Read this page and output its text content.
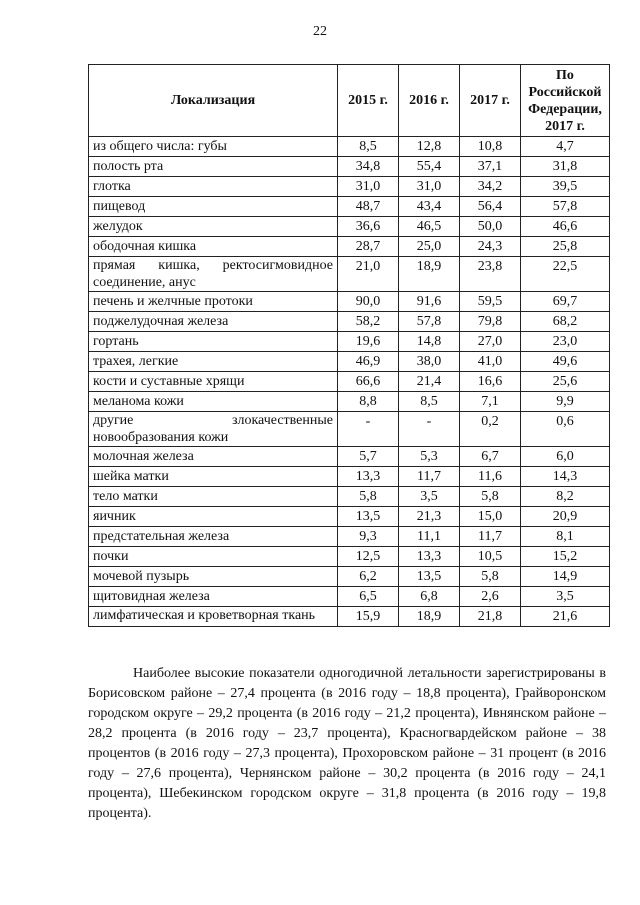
22
Локализация	2015 г.	2016 г.	2017 г.	По Российской Федерации, 2017 г.
из общего числа: губы	8,5	12,8	10,8	4,7
полость рта	34,8	55,4	37,1	31,8
глотка	31,0	31,0	34,2	39,5
пищевод	48,7	43,4	56,4	57,8
желудок	36,6	46,5	50,0	46,6
ободочная кишка	28,7	25,0	24,3	25,8
прямая кишка, ректосигмовидное соединение, анус	21,0	18,9	23,8	22,5
печень и желчные протоки	90,0	91,6	59,5	69,7
поджелудочная железа	58,2	57,8	79,8	68,2
гортань	19,6	14,8	27,0	23,0
трахея, легкие	46,9	38,0	41,0	49,6
кости и суставные хрящи	66,6	21,4	16,6	25,6
меланома кожи	8,8	8,5	7,1	9,9
другие злокачественные новообразования кожи	-	-	0,2	0,6
молочная железа	5,7	5,3	6,7	6,0
шейка матки	13,3	11,7	11,6	14,3
тело матки	5,8	3,5	5,8	8,2
яичник	13,5	21,3	15,0	20,9
предстательная железа	9,3	11,1	11,7	8,1
почки	12,5	13,3	10,5	15,2
мочевой пузырь	6,2	13,5	5,8	14,9
щитовидная железа	6,5	6,8	2,6	3,5
лимфатическая и кроветворная ткань	15,9	18,9	21,8	21,6

Наиболее высокие показатели одногодичной летальности зарегистрированы в Борисовском районе – 27,4 процента (в 2016 году – 18,8 процента), Грайворонском городском округе – 29,2 процента (в 2016 году – 21,2 процента), Ивнянском районе – 28,2 процента (в 2016 году – 23,7 процента), Красногвардейском районе – 38 процентов (в 2016 году – 27,3 процента), Прохоровском районе – 31 процент (в 2016 году – 27,6 процента), Чернянском районе – 30,2 процента (в 2016 году – 24,1 процента), Шебекинском городском округе – 31,8 процента (в 2016 году – 19,8 процента).
